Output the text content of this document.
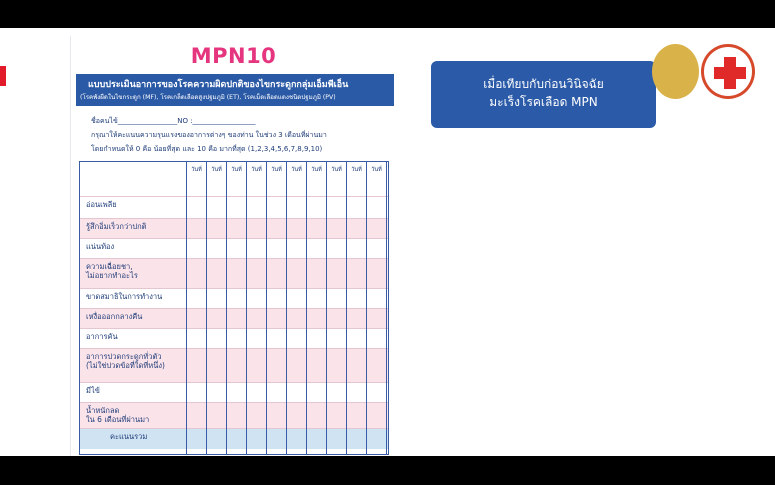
MPN10
แบบประเมินอาการของโรคความผิดปกติของไขกระดูกกลุ่มเอ็มพีเอ็น
(โรคพังผืดในไขกระดูก (MF), โรคเกล็ดเลือดสูงปฐมภูมิ (ET), โรคเม็ดเลือดแดงชนิดปฐมภูมิ (PV)
ชื่อคนไข้_________________NO :__________________
กรุณาให้คะแนนความรุนแรงของอาการต่างๆ ของท่าน ในช่วง 3 เดือนที่ผ่านมา
โดยกำหนดให้ 0 คือ น้อยที่สุด และ 10 คือ มากที่สุด (1,2,3,4,5,6,7,8,9,10)
วันที่	วันที่	วันที่	วันที่	วันที่	วันที่	วันที่	วันที่	วันที่	วันที่
อ่อนเพลีย
รู้สึกอิ่มเร็วกว่าปกติ
แน่นท้อง
ความเฉื่อยชา,
ไม่อยากทำอะไร
ขาดสมาธิในการทำงาน
เหงื่อออกกลางคืน
อาการคัน
อาการปวดกระดูกทั่วตัว
(ไม่ใช่ปวดข้อที่ใดที่หนึ่ง)
มีไข้
น้ำหนักลด
ใน 6 เดือนที่ผ่านมา
คะแนนรวม
เมื่อเทียบกับก่อนวินิจฉัย
มะเร็งโรคเลือด MPN
